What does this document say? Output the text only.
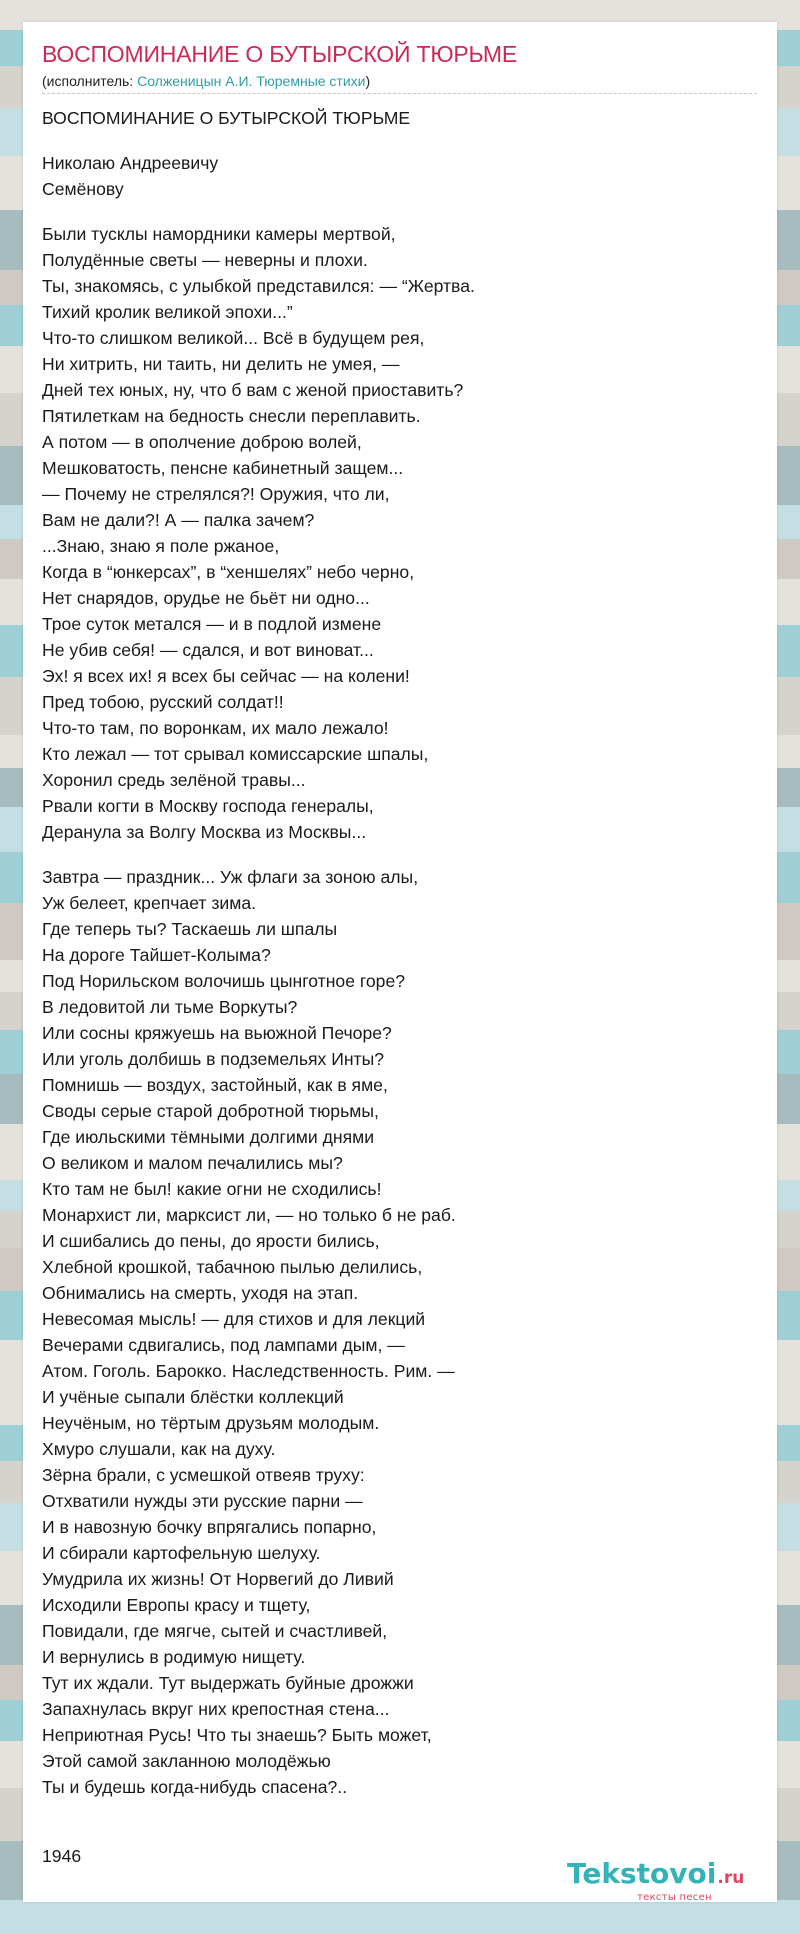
ВОСПОМИНАНИЕ О БУТЫРСКОЙ ТЮРЬМЕ
(исполнитель: Солженицын А.И. Тюремные стихи)
ВОСПОМИНАНИЕ О БУТЫРСКОЙ ТЮРЬМЕ
Николаю Андреевичу
Семёнову
Были тусклы намордники камеры мертвой,
Полудённые светы — неверны и плохи.
Ты, знакомясь, с улыбкой представился: — “Жертва.
Тихий кролик великой эпохи...”
Что-то слишком великой... Всё в будущем рея,
Ни хитрить, ни таить, ни делить не умея, —
Дней тех юных, ну, что б вам с женой приоставить?
Пятилеткам на бедность снесли переплавить.
А потом — в ополчение доброю волей,
Мешковатость, пенсне кабинетный защем...
— Почему не стрелялся?! Оружия, что ли,
Вам не дали?! А — палка зачем?
...Знаю, знаю я поле ржаное,
Когда в “юнкерсах”, в “хеншелях” небо черно,
Нет снарядов, орудье не бьёт ни одно...
Трое суток метался — и в подлой измене
Не убив себя! — сдался, и вот виноват...
Эх! я всех их! я всех бы сейчас — на колени!
Пред тобою, русский солдат!!
Что-то там, по воронкам, их мало лежало!
Кто лежал — тот срывал комиссарские шпалы,
Хоронил средь зелёной травы...
Рвали когти в Москву господа генералы,
Деранула за Волгу Москва из Москвы...
Завтра — праздник... Уж флаги за зоною алы,
Уж белеет, крепчает зима.
Где теперь ты? Таскаешь ли шпалы
На дороге Тайшет-Колыма?
Под Норильском волочишь цынготное горе?
В ледовитой ли тьме Воркуты?
Или сосны кряжуешь на вьюжной Печоре?
Или уголь долбишь в подземельях Инты?
Помнишь — воздух, застойный, как в яме,
Своды серые старой добротной тюрьмы,
Где июльскими тёмными долгими днями
О великом и малом печалились мы?
Кто там не был! какие огни не сходились!
Монархист ли, марксист ли, — но только б не раб.
И сшибались до пены, до ярости бились,
Хлебной крошкой, табачною пылью делились,
Обнимались на смерть, уходя на этап.
Невесомая мысль! — для стихов и для лекций
Вечерами сдвигались, под лампами дым, —
Атом. Гоголь. Барокко. Наследственность. Рим. —
И учёные сыпали блёстки коллекций
Неучёным, но тёртым друзьям молодым.
Хмуро слушали, как на духу.
Зёрна брали, с усмешкой отвеяв труху:
Отхватили нужды эти русские парни —
И в навозную бочку впрягались попарно,
И сбирали картофельную шелуху.
Умудрила их жизнь! От Норвегий до Ливий
Исходили Европы красу и тщету,
Повидали, где мягче, сытей и счастливей,
И вернулись в родимую нищету.
Тут их ждали. Тут выдержать буйные дрожжи
Запахнулась вкруг них крепостная стена...
Неприютная Русь! Что ты знаешь? Быть может,
Этой самой закланною молодёжью
Ты и будешь когда-нибудь спасена?..
1946
Tekstovoi.ru
тексты песен
